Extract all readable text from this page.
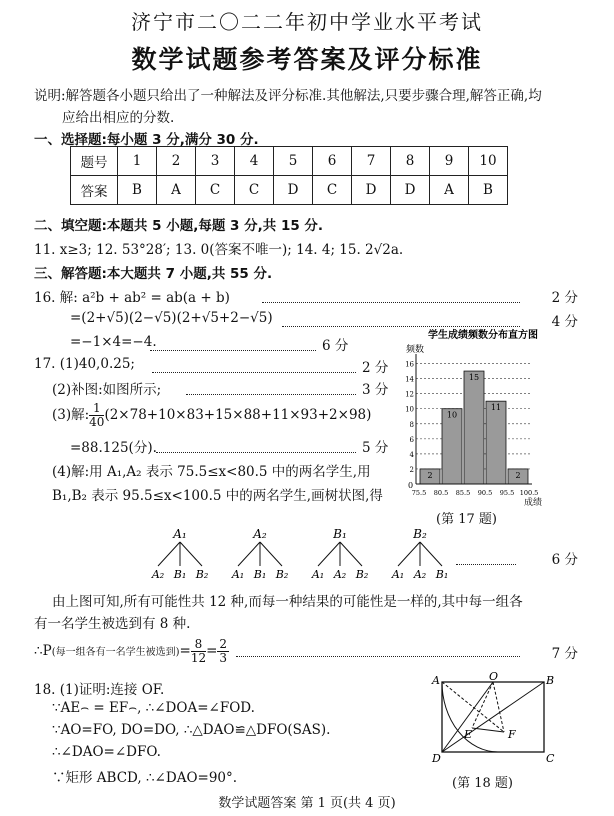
济宁市二〇二二年初中学业水平考试
数学试题参考答案及评分标准
说明:解答题各小题只给出了一种解法及评分标准.其他解法,只要步骤合理,解答正确,均
应给出相应的分数.
一、选择题:每小题 3 分,满分 30 分.
题号	1	2	3	4	5	6	7	8	9	10
答案	B	A	C	C	D	C	D	D	A	B
二、填空题:本题共 5 小题,每题 3 分,共 15 分.
11. x≥3; 12. 53°28′; 13. 0(答案不唯一); 14. 4; 15. 2√2a.
三、解答题:本大题共 7 小题,共 55 分.
16. 解: a²b + ab² = ab(a + b)	2 分
=(2+√5)(2−√5)(2+√5+2−√5)	4 分
=−1×4=−4.	6 分
17. (1)40,0.25;	2 分
(2)补图:如图所示;	3 分
(3)解: $\frac{1}{40} (2\times 78+10\times 83+15\times 88+11\times 93+2\times 98)$
=88.125(分).	5 分
(4)解:用 A₁,A₂ 表示 75.5≤x<80.5 中的两名学生,用
B₁,B₂ 表示 95.5≤x<100.5 中的两名学生,画树状图,得
学生成绩频数分布直方图
频数
成绩
0
2
10
15
11
2
2
4
6
8
10
12
14
16
75.5 80.5 85.5 90.5 95.5 100.5
(第 17 题)
A₁
A₂ B₁ B₂
A₂
A₁ B₁ B₂
B₁
A₁ A₂ B₂
B₂
A₁ A₂ B₁
6 分
由上图可知,所有可能性共 12 种,而每一种结果的可能性是一样的,其中每一组各
有一名学生被选到有 8 种.
∴P(每一组各有一名学生被选到)= $\frac{8}{12} = \frac{2}{3}$	7 分
18. (1)证明:连接 OF.
∵AE⌢ = EF⌢, ∴∠DOA=∠FOD.
∵AO=FO, DO=DO, ∴△DAO≌△DFO(SAS).
∴∠DAO=∠DFO.
∵矩形 ABCD, ∴∠DAO=90°.
A	O	B
E	F
D	C
(第 18 题)
数学试题答案 第 1 页(共 4 页)
